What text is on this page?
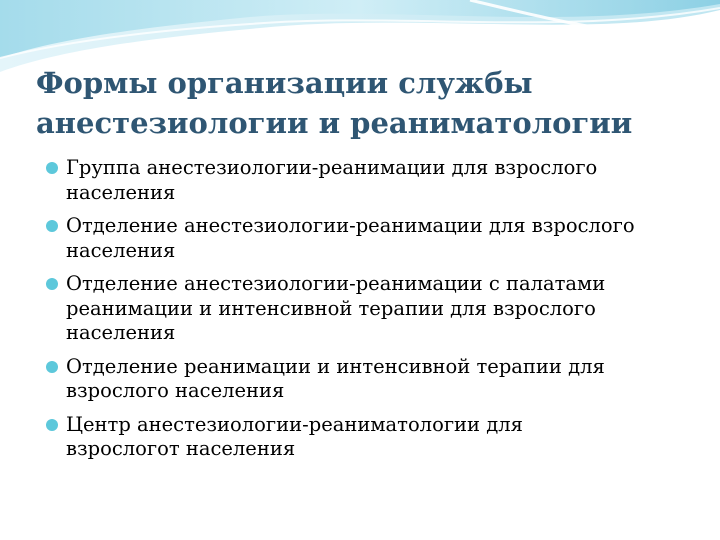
Формы организации службы
анестезиологии и реаниматологии
Группа анестезиологии-реанимации для взрослого
населения
Отделение анестезиологии-реанимации для взрослого
населения
Отделение анестезиологии-реанимации с палатами
реанимации и интенсивной терапии для взрослого
населения
Отделение реанимации и интенсивной терапии для
взрослого населения
Центр анестезиологии-реаниматологии для
взрослогот населения
